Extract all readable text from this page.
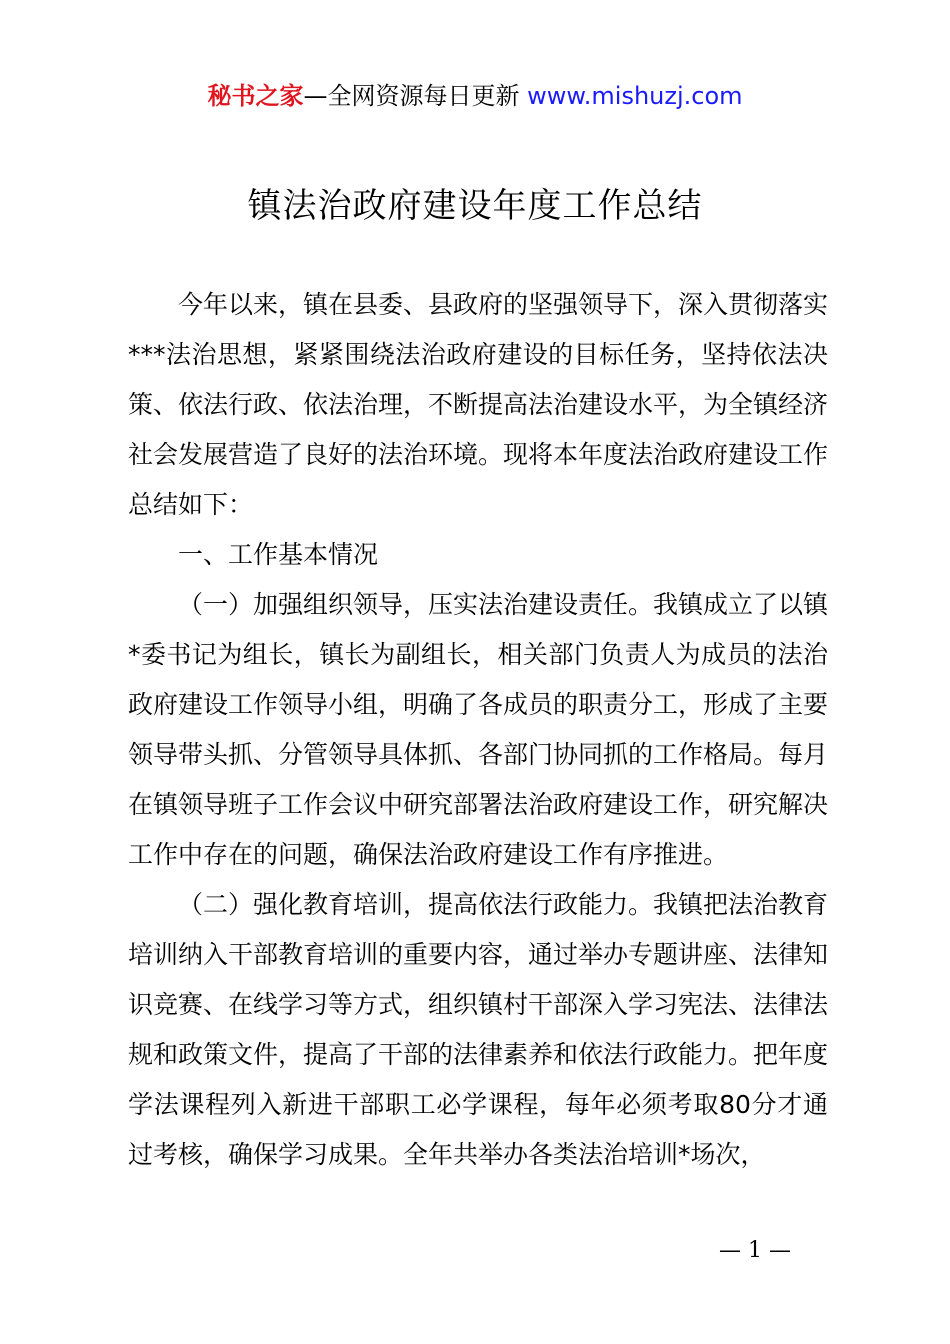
秘书之家—全网资源每日更新 www.mishuzj.com
镇法治政府建设年度工作总结

今年以来，镇在县委、县政府的坚强领导下，深入贯彻落实***法治思想，紧紧围绕法治政府建设的目标任务，坚持依法决策、依法行政、依法治理，不断提高法治建设水平，为全镇经济社会发展营造了良好的法治环境。现将本年度法治政府建设工作总结如下：

一、工作基本情况

（一）加强组织领导，压实法治建设责任。我镇成立了以镇*委书记为组长，镇长为副组长，相关部门负责人为成员的法治政府建设工作领导小组，明确了各成员的职责分工，形成了主要领导带头抓、分管领导具体抓、各部门协同抓的工作格局。每月在镇领导班子工作会议中研究部署法治政府建设工作，研究解决工作中存在的问题，确保法治政府建设工作有序推进。

（二）强化教育培训，提高依法行政能力。我镇把法治教育培训纳入干部教育培训的重要内容，通过举办专题讲座、法律知识竞赛、在线学习等方式，组织镇村干部深入学习宪法、法律法规和政策文件，提高了干部的法律素养和依法行政能力。把年度学法课程列入新进干部职工必学课程，每年必须考取80分才通过考核，确保学习成果。全年共举办各类法治培训*场次，

— 1 —
